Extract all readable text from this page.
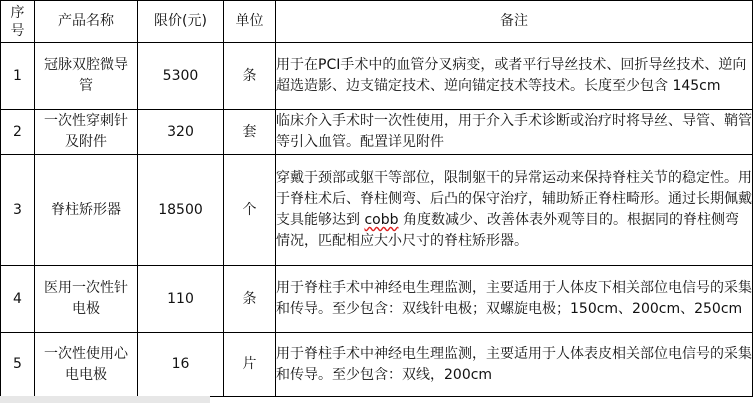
序号	产品名称	限价(元)	单位	备注
1	冠脉双腔微导管	5300	条	用于在PCI手术中的血管分叉病变，或者平行导丝技术、回折导丝技术、逆向超选造影、边支锚定技术、逆向锚定技术等技术。长度至少包含 145cm
2	一次性穿刺针及附件	320	套	临床介入手术时一次性使用，用于介入手术诊断或治疗时将导丝、导管、鞘管等引入血管。配置详见附件
3	脊柱矫形器	18500	个	穿戴于颈部或躯干等部位，限制躯干的异常运动来保持脊柱关节的稳定性。用于脊柱术后、脊柱侧弯、后凸的保守治疗，辅助矫正脊柱畸形。通过长期佩戴支具能够达到 cobb 角度数减少、改善体表外观等目的。根据同的脊柱侧弯情况，匹配相应大小尺寸的脊柱矫形器。
4	医用一次性针电极	110	条	用于脊柱手术中神经电生理监测，主要适用于人体皮下相关部位电信号的采集和传导。至少包含：双线针电极；双螺旋电极；150cm、200cm、250cm
5	一次性使用心电电极	16	片	用于脊柱手术中神经电生理监测，主要适用于人体表皮相关部位电信号的采集和传导。至少包含：双线，200cm
